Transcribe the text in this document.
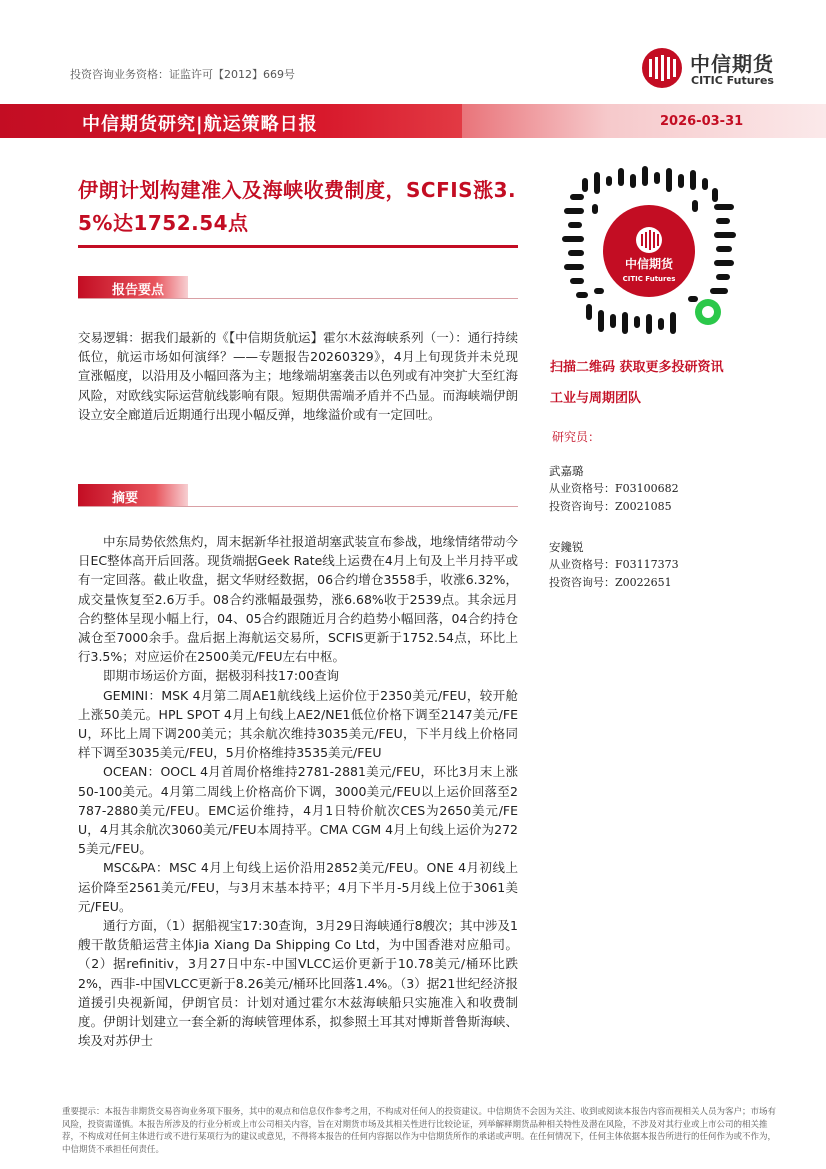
投资咨询业务资格：证监许可【2012】669号	中信期货
CITIC Futures
中信期货研究|航运策略日报	2026-03-31
伊朗计划构建准入及海峡收费制度，SCFIS涨3.5%达1752.54点
报告要点

交易逻辑：据我们最新的《【中信期货航运】霍尔木兹海峡系列（一）：通行持续低位，航运市场如何演绎？——专题报告20260329》，4月上旬现货并未兑现宣涨幅度，以沿用及小幅回落为主；地缘端胡塞袭击以色列或有冲突扩大至红海风险，对欧线实际运营航线影响有限。短期供需端矛盾并不凸显。而海峡端伊朗设立安全廊道后近期通行出现小幅反弹，地缘溢价或有一定回吐。

摘要

中东局势依然焦灼，周末据新华社报道胡塞武装宣布参战，地缘情绪带动今日EC整体高开后回落。现货端据Geek Rate线上运费在4月上旬及上半月持平或有一定回落。截止收盘，据文华财经数据，06合约增仓3558手，收涨6.32%，成交量恢复至2.6万手。08合约涨幅最强势，涨6.68%收于2539点。其余远月合约整体呈现小幅上行，04、05合约跟随近月合约趋势小幅回落，04合约持仓减仓至7000余手。盘后据上海航运交易所，SCFIS更新于1752.54点，环比上行3.5%；对应运价在2500美元/FEU左右中枢。

即期市场运价方面，据极羽科技17:00查询

GEMINI：MSK 4月第二周AE1航线线上运价位于2350美元/FEU，较开舱上涨50美元。HPL SPOT 4月上旬线上AE2/NE1低位价格下调至2147美元/FEU，环比上周下调200美元；其余航次维持3035美元/FEU，下半月线上价格同样下调至3035美元/FEU，5月价格维持3535美元/FEU

OCEAN：OOCL 4月首周价格维持2781-2881美元/FEU，环比3月末上涨50-100美元。4月第二周线上价格高价下调，3000美元/FEU以上运价回落至2787-2880美元/FEU。EMC运价维持，4月1日特价航次CES为2650美元/FEU，4月其余航次3060美元/FEU本周持平。CMA CGM 4月上旬线上运价为2725美元/FEU。

MSC&PA：MSC 4月上旬线上运价沿用2852美元/FEU。ONE 4月初线上运价降至2561美元/FEU，与3月末基本持平；4月下半月-5月线上位于3061美元/FEU。

通行方面，（1）据船视宝17:30查询，3月29日海峡通行8艘次；其中涉及1艘干散货船运营主体Jia Xiang Da Shipping Co Ltd，为中国香港对应船司。（2）据refinitiv，3月27日中东-中国VLCC运价更新于10.78美元/桶环比跌2%，西非-中国VLCC更新于8.26美元/桶环比回落1.4%。（3）据21世纪经济报道援引央视新闻，伊朗官员：计划对通过霍尔木兹海峡船只实施准入和收费制度。伊朗计划建立一套全新的海峡管理体系，拟参照土耳其对博斯普鲁斯海峡、埃及对苏伊士

中信期货
CITIC Futures
扫描二维码 获取更多投研资讯
工业与周期团队
研究员：
武嘉璐
从业资格号：F03100682
投资咨询号：Z0021085
安鑱锐
从业资格号：F03117373
投资咨询号：Z0022651
重要提示：本报告非期货交易咨询业务项下服务，其中的观点和信息仅作参考之用，不构成对任何人的投资建议。中信期货不会因为关注、收到或阅读本报告内容而视相关人员为客户；市场有风险，投资需谨慎。本报告所涉及的行业分析或上市公司相关内容，旨在对期货市场及其相关性进行比较论证，列举解释期货品种相关特性及潜在风险，不涉及对其行业或上市公司的相关推荐，不构成对任何主体进行或不进行某项行为的建议或意见，不得将本报告的任何内容据以作为中信期货所作的承诺或声明。在任何情况下，任何主体依据本报告所进行的任何作为或不作为，中信期货不承担任何责任。
